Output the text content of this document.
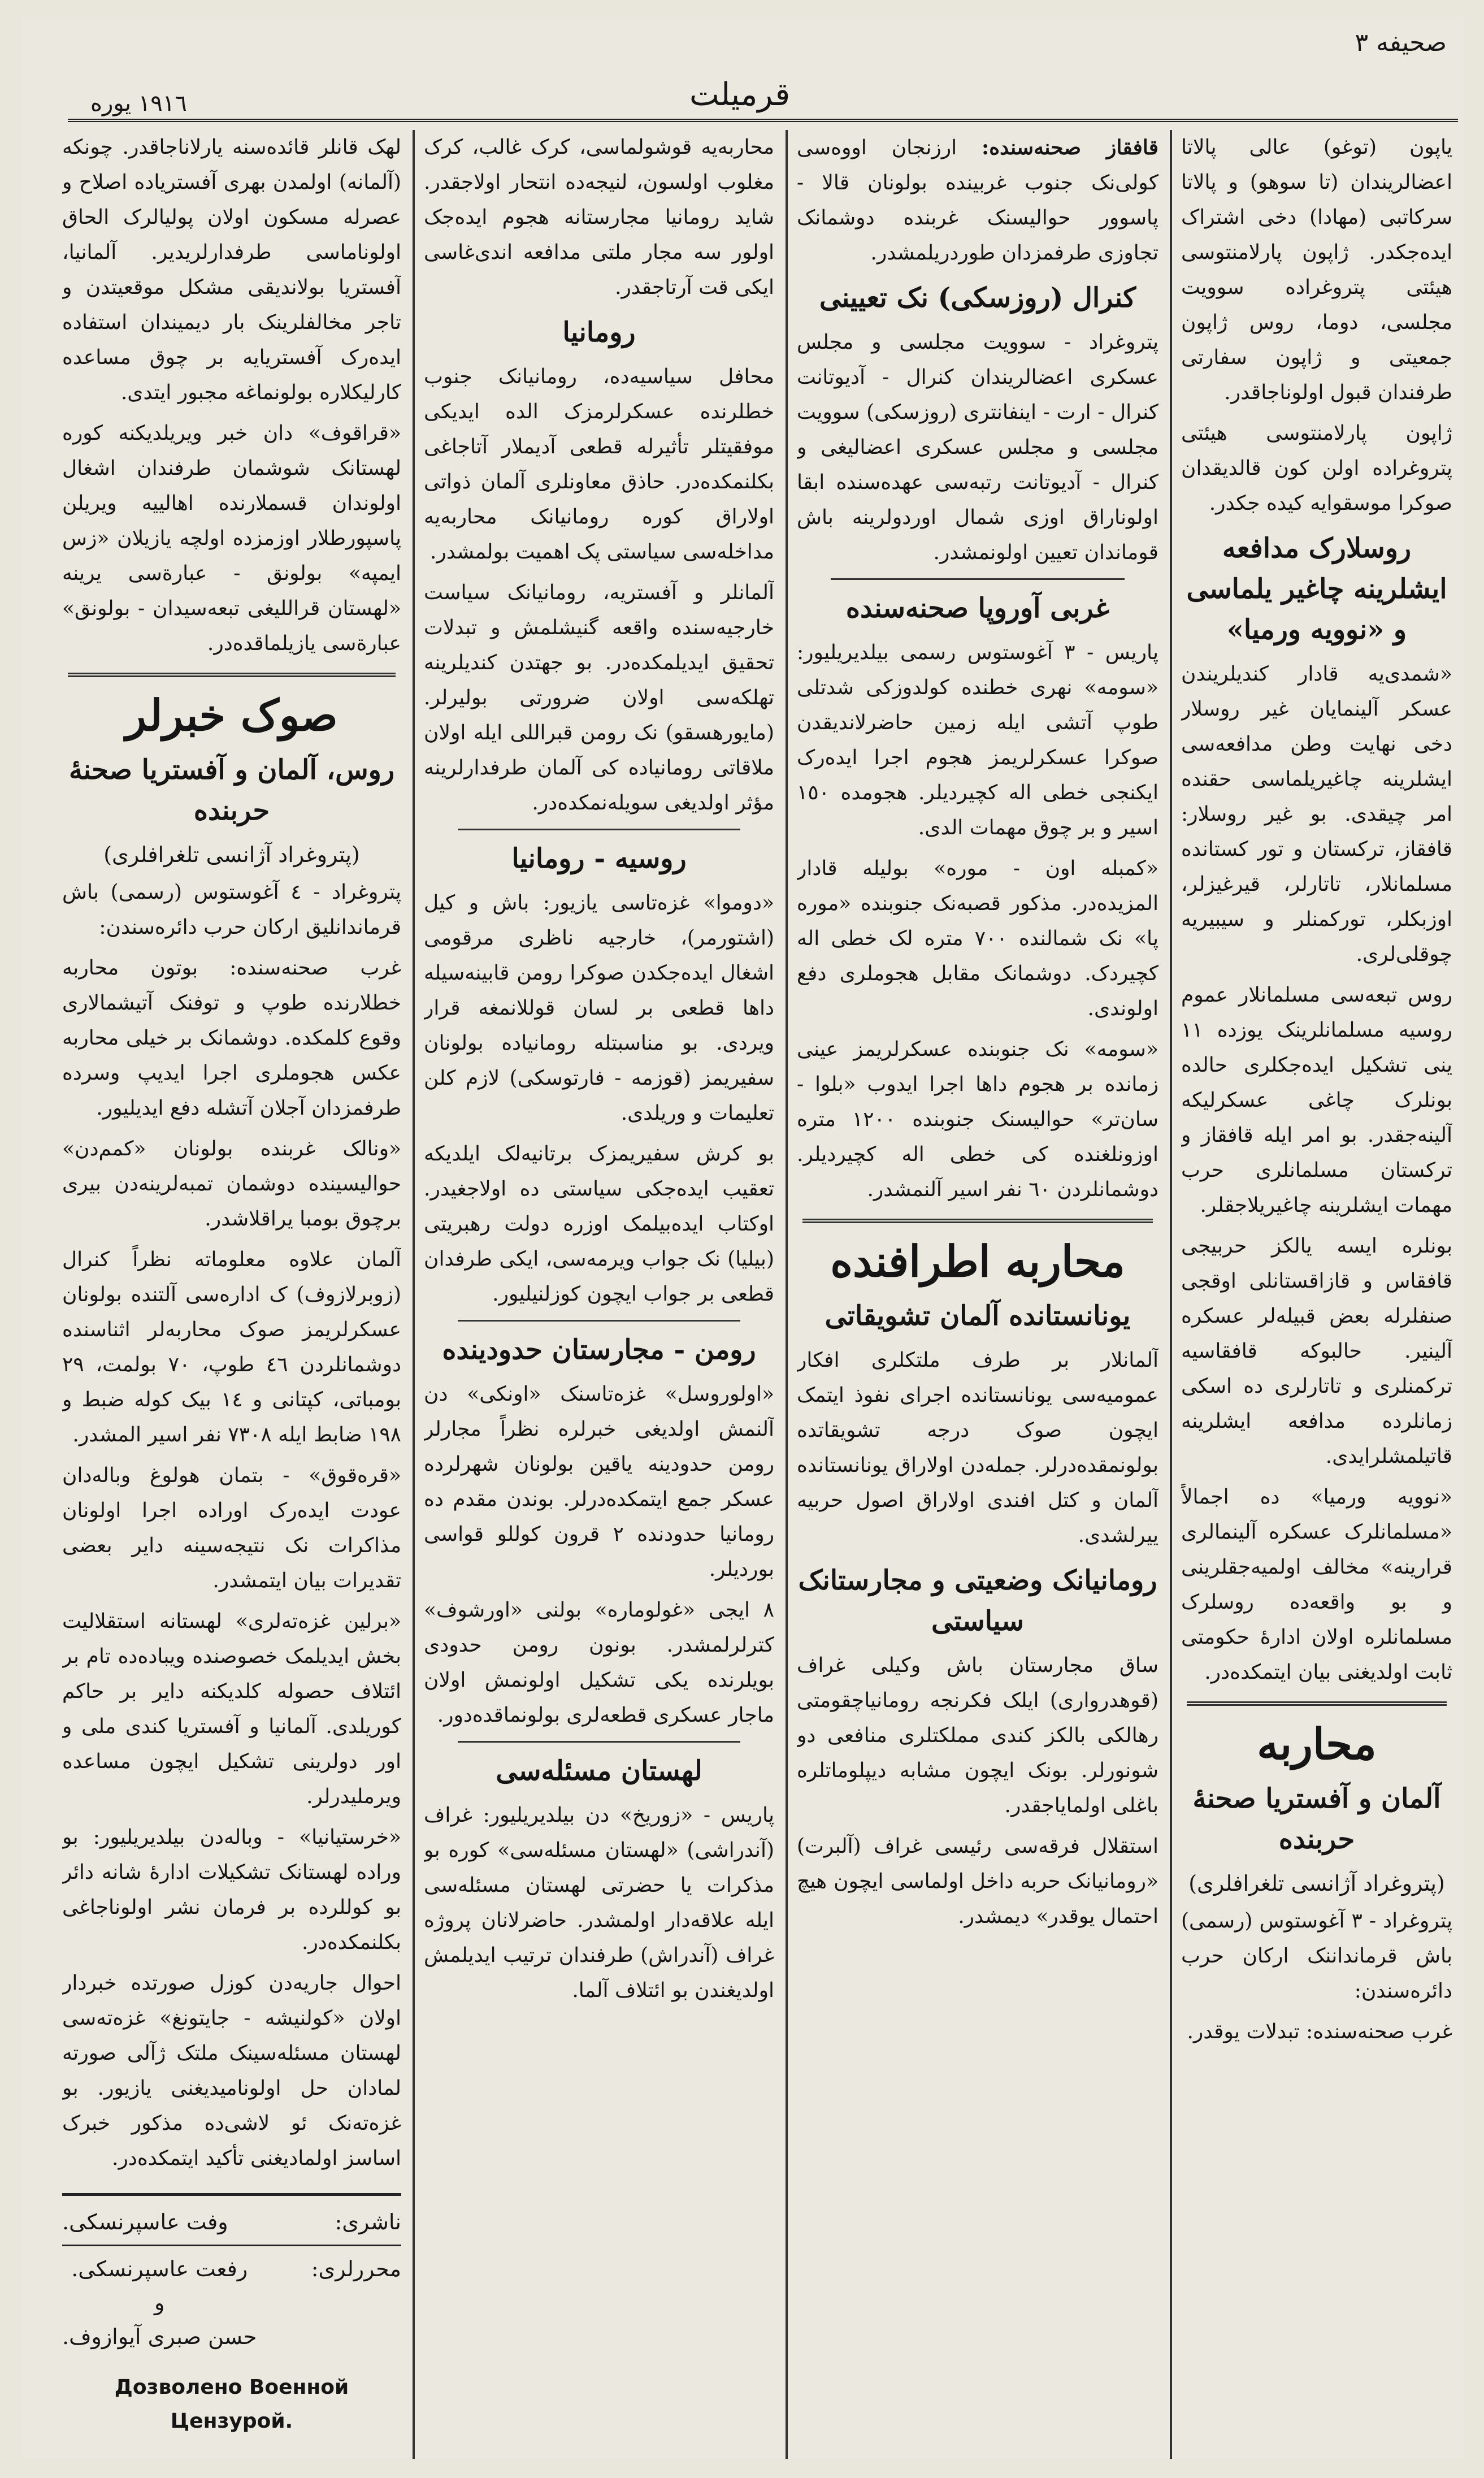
١٩١٦ یوره	قرمیلت
صحیفه ٣

یاپون (توغو) عالی پالاتا اعضالریندان (تا سوهو) و پالاتا سرکاتبی (مهادا) دخی اشتراک ایده‌جکدر. ژاپون پارلامنتوسی هیئتی پتروغراده سوویت مجلسی، دوما، روس ژاپون جمعیتی و ژاپون سفارتی طرفندان قبول اولوناجاقدر.

ژاپون پارلامنتوسی هیئتی پتروغراده اولن کون قالدیقدان صوکرا موسقوایه کیده جکدر.

روسلارک مدافعه ایشلرینه چاغیر یلماسی و «نوویه ورمیا»

«شمدی‌یه قادار کندیلریندن عسکر آلینمایان غیر روسلار دخی نهایت وطن مدافعه‌سی ایشلرینه چاغیریلماسی حقنده امر چیقدی. بو غیر روسلار: قافقاز، ترکستان و تور کستانده مسلمانلار، تاتارلر، قیرغیزلر، اوزبکلر، تورکمنلر و سیبیریه چوقلی‌لری.

روس تبعه‌سی مسلمانلار عموم روسیه مسلمانلرینک یوزده ١١ ینی تشکیل ایده‌جکلری حالده بونلرک چاغی عسکرلیکه آلینه‌جقدر. بو امر ایله قافقاز و ترکستان مسلمانلری حرب مهمات ایشلرینه چاغیریلاجقلر.

بونلره ایسه یالکز حربیجی قافقاس و قازاقستانلی اوقجی صنفلرله بعض قبیله‌لر عسکره آلینیر. حالبوکه قافقاسیه ترکمنلری و تاتارلری ده اسکی زمانلرده مدافعه ایشلرینه قاتیلمشلرایدی.

«نوویه ورمیا» ده اجمالاً «مسلمانلرک عسکره آلینمالری قرارینه» مخالف اولمیه‌جقلرینی و بو واقعه‌ده روسلرک مسلمانلره اولان ادارهٔ حکومتی ثابت اولدیغنی بیان ایتمکده‌در.

محاربه
آلمان و آفستریا صحنهٔ حربنده
(پتروغراد آژانسی تلغرافلری)

پتروغراد - ٣ آغوستوس (رسمی) باش قرمانداننک ارکان حرب دائره‌سندن:

غرب صحنه‌سنده: تبدلات یوقدر.

قافقاز صحنه‌سنده: ارزنجان اووه‌سی کولی‌نک جنوب غربینده بولونان قالا - پاسوور حوالیسنک غربنده دوشمانک تجاوزی طرفمزدان طوردریلمشدر.

کنرال (روزسکی) نک تعیینی

پتروغراد - سوویت مجلسی و مجلس عسکری اعضالریندان کنرال - آدیوتانت کنرال - ارت - اینفانتری (روزسکی) سوویت مجلسی و مجلس عسکری اعضالیغی و کنرال - آدیوتانت رتبه‌سی عهده‌سنده ابقا اولوناراق اوزی شمال اوردولرینه باش قوماندان تعیین اولونمشدر.

غربی آوروپا صحنه‌سنده

پاریس - ٣ آغوستوس رسمی بیلدیریلیور: «سومه» نهری خطنده کولدوزکی شدتلی طوپ آتشی ایله زمین حاضرلاندیقدن صوکرا عسکرلریمز هجوم اجرا ایده‌رک ایکنجی خطی اله کچیردیلر. هجومده ١٥٠ اسیر و بر چوق مهمات الدی.

«کمبله اون - موره» بولیله قادار المزیده‌در. مذکور قصبه‌نک جنوبنده «موره پا» نک شمالنده ٧٠٠ متره لک خطی اله کچیردک. دوشمانک مقابل هجوملری دفع اولوندی.

«سومه» نک جنوبنده عسکرلریمز عینی زمانده بر هجوم داها اجرا ایدوب «بلوا - سان‌تر» حوالیسنک جنوبنده ١٢٠٠ متره اوزونلغنده کی خطی اله کچیردیلر. دوشمانلردن ٦٠ نفر اسیر آلنمشدر.

محاربه اطرافنده
یونانستانده آلمان تشویقاتی

آلمانلار بر طرف ملتکلری افکار عمومیه‌سی یونانستانده اجرای نفوذ ایتمک ایچون صوک درجه تشویقاتده بولونمقده‌درلر. جمله‌دن اولاراق یونانستانده آلمان و کتل افندی اولاراق اصول حربیه ییرلشدی.

رومانیانک وضعیتی و مجارستانک سیاستی

ساق مجارستان باش وکیلی غراف (قوهدرواری) ایلک فکرنجه رومانیاچقومتی رهالکی بالکز کندی مملکتلری منافعی دو شونورلر. بونک ایچون مشابه دیپلوماتلره باغلی اولمایاجقدر.

استقلال فرقه‌سی رئیسی غراف (آلبرت) «رومانیانک حربه داخل اولماسی ایچون هیچ احتمال یوقدر» دیمشدر.

محاربه‌یه قوشولماسی، کرک غالب، کرک مغلوب اولسون، لنیجه‌ده انتحار اولاجقدر. شاید رومانیا مجارستانه هجوم ایده‌جک اولور سه مجار ملتی مدافعه اندی‌غاسی ایکی قت آرتاجقدر.

رومانیا

محافل سیاسیه‌ده، رومانیانک جنوب خطلرنده عسکرلرمزک الده ایدیکی موفقیتلر تأثیرله قطعی آدیملار آتاجاغی بکلنمکده‌در. حاذق معاونلری آلمان ذواتی اولاراق کوره رومانیانک محاربه‌یه مداخله‌سی سیاستی پک اهمیت بولمشدر.

آلمانلر و آفستریه، رومانیانک سیاست خارجیه‌سنده واقعه گنیشلمش و تبدلات تحقیق ایدیلمکده‌در. بو جهتدن کندیلرینه تهلکه‌سی اولان ضرورتی بولیرلر. (مایورهسقو) نک رومن قبراللی ایله اولان ملاقاتی رومانیاده کی آلمان طرفدارلرینه مؤثر اولدیغی سویله‌نمکده‌در.

روسیه - رومانیا

«دوموا» غزه‌تاسی یازیور: باش و کیل (اشتورمر)، خارجیه ناظری مرقومی اشغال ایده‌جکدن صوکرا رومن قابینه‌سیله داها قطعی بر لسان قوللانمغه قرار ویردی. بو مناسبتله رومانیاده بولونان سفیریمز (قوزمه - فارتوسکی) لازم کلن تعلیمات و وریلدی.

بو کرش سفیریمزک برتانیه‌لک ایلدیکه تعقیب ایده‌جکی سیاستی ده اولاجغیدر. اوکتاب ایده‌بیلمک اوزره دولت رهبریتی (بیلیا) نک جواب ویرمه‌سی، ایکی طرفدان قطعی بر جواب ایچون کوزلنیلیور.

رومن - مجارستان حدودینده

«اولوروسل» غزه‌تاسنک «اونکی» دن آلنمش اولدیغی خبرلره نظراً مجارلر رومن حدودینه یاقین بولونان شهرلرده عسکر جمع ایتمکده‌درلر. بوندن مقدم ده رومانیا حدودنده ٢ قرون کوللو قواسی بوردیلر.

٨ ایجی «غولوماره» بولنی «اورشوف» کترلرلمشدر. بونون رومن حدودی بویلرنده یکی تشکیل اولونمش اولان ماجار عسکری قطعه‌لری بولونماقده‌دور.

لهستان مسئله‌سی

پاریس - «زوریخ» دن بیلدیریلیور: غراف (آندراشی) «لهستان مسئله‌سی» کوره بو مذکرات یا حضرتی لهستان مسئله‌سی ایله علاقه‌دار اولمشدر. حاضرلانان پروژه غراف (آندراش) طرفندان ترتیب ایدیلمش اولدیغندن بو ائتلاف آلما.

لهک قانلر قائده‌سنه یارلاناجاقدر. چونکه (آلمانه) اولمدن بهری آفستریاده اصلاح و عصرله مسکون اولان پولیالرک الحاق اولوناماسی طرفدارلریدیر. آلمانیا، آفستریا بولاندیقی مشکل موقعیتدن و تاجر مخالفلرینک بار دیمیندان استفاده ایده‌رک آفستریایه بر چوق مساعده کارلیکلاره بولونماغه مجبور ایتدی.

«قراقوف» دان خبر ویریلدیکنه کوره لهستانک شوشمان طرفندان اشغال اولوندان قسملارنده اهالییه ویریلن پاسپورطلار اوزمزده اولچه یازیلان «زس ایمپه» بولونق - عبارة‌سی یرینه «لهستان قراللیغی تبعه‌سیدان - بولونق» عبارةسی یازیلماقده‌در.

صوک خبرلر
روس، آلمان و آفستریا صحنهٔ حربنده
(پتروغراد آژانسی تلغرافلری)

پتروغراد - ٤ آغوستوس (رسمی) باش قرماندانلیق ارکان حرب دائره‌سندن:

غرب صحنه‌سنده: بوتون محاربه خطلارنده طوپ و توفنک آتیشمالاری وقوع کلمکده. دوشمانک بر خیلی محاربه عکس هجوملری اجرا ایدیپ وسرده طرفمزدان آجلان آتشله دفع ایدیلیور.

«ونالک غربنده بولونان «کمم‌دن» حوالیسینده دوشمان تمبه‌لرینه‌دن بیری برچوق بومبا یراقلاشدر.

آلمان علاوه معلوماته نظراً کنرال (زوبرلازوف) ک اداره‌سی آلتنده بولونان عسکرلریمز صوک محاربه‌لر اثناسنده دوشمانلردن ٤٦ طوپ، ٧٠ بولمت، ٢٩ بومباتی، کپتانی و ١٤ بیک کوله ضبط و ١٩٨ ضابط ایله ٧٣٠٨ نفر اسیر المشدر.

«قره‌قوق» - بتمان هولوغ وباله‌دان عودت ایده‌رک اوراده اجرا اولونان مذاکرات نک نتیجه‌سینه دایر بعضی تقدیرات بیان ایتمشدر.

«برلین غزه‌ته‌لری» لهستانه استقلالیت بخش ایدیلمک خصوصنده ویباده‌ده تام بر ائتلاف حصوله کلدیکنه دایر بر حاکم کوریلدی. آلمانیا و آفستریا کندی ملی و اور دولرینی تشکیل ایچون مساعده ویرملیدرلر.

«خرستیانیا» - وباله‌دن بیلدیریلیور: بو وراده لهستانک تشکیلات ادارهٔ شانه دائر بو کوللرده بر فرمان نشر اولوناجاغی بکلنمکده‌در.

احوال جاریه‌دن کوزل صورتده خبردار اولان «کولنیشه - جایتونغ» غزه‌ته‌سی لهستان مسئله‌سینک ملتک ژآلی صورته لمادان حل اولونامیدیغنی یازیور. بو غزه‌ته‌نک ئو لاشی‌ده مذکور خبرک اساسز اولمادیغنی تأکید ایتمکده‌در.

ناشری:
وفت عاسپرنسکی.
محررلری:
رفعت عاسپرنسکی.
و
حسن صبری آیوازوف.
Дозволено Военной Цензурой.
